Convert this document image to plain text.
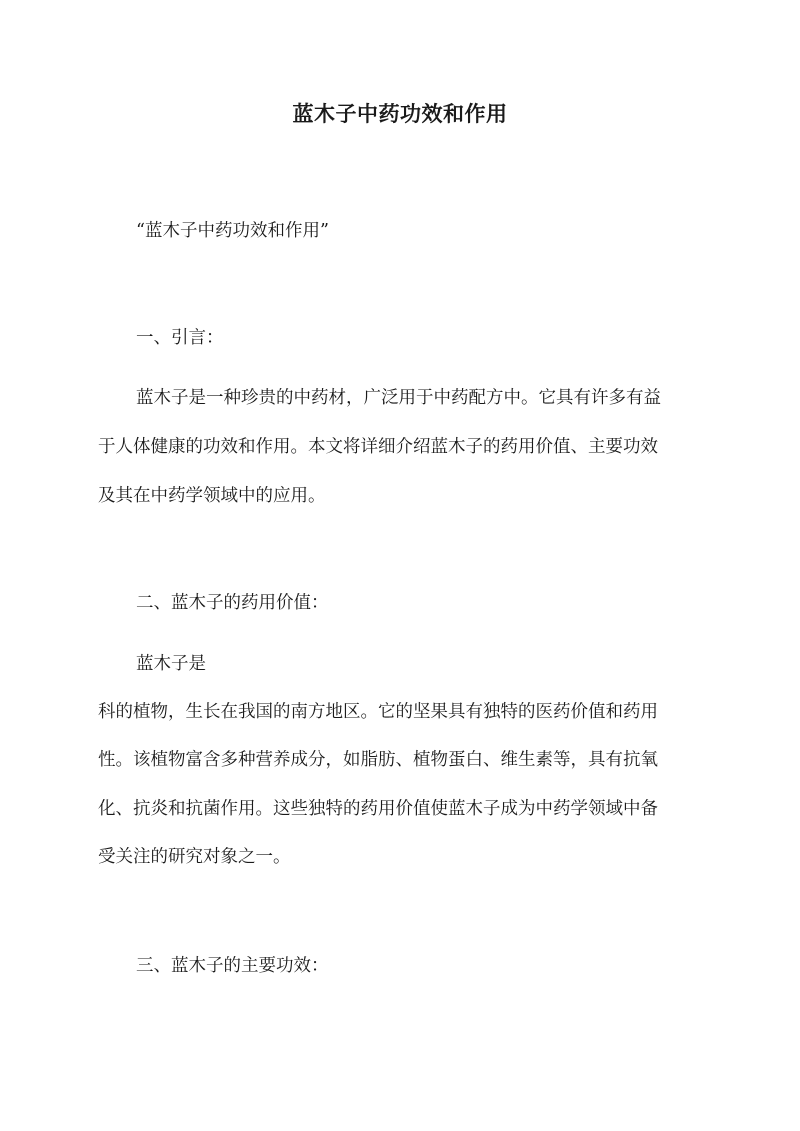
蓝木子中药功效和作用

“蓝木子中药功效和作用”

一、引言：

蓝木子是一种珍贵的中药材，广泛用于中药配方中。它具有许多有益

于人体健康的功效和作用。本文将详细介绍蓝木子的药用价值、主要功效

及其在中药学领域中的应用。

二、蓝木子的药用价值：

蓝木子是

科的植物，生长在我国的南方地区。它的坚果具有独特的医药价值和药用

性。该植物富含多种营养成分，如脂肪、植物蛋白、维生素等，具有抗氧

化、抗炎和抗菌作用。这些独特的药用价值使蓝木子成为中药学领域中备

受关注的研究对象之一。

三、蓝木子的主要功效：
